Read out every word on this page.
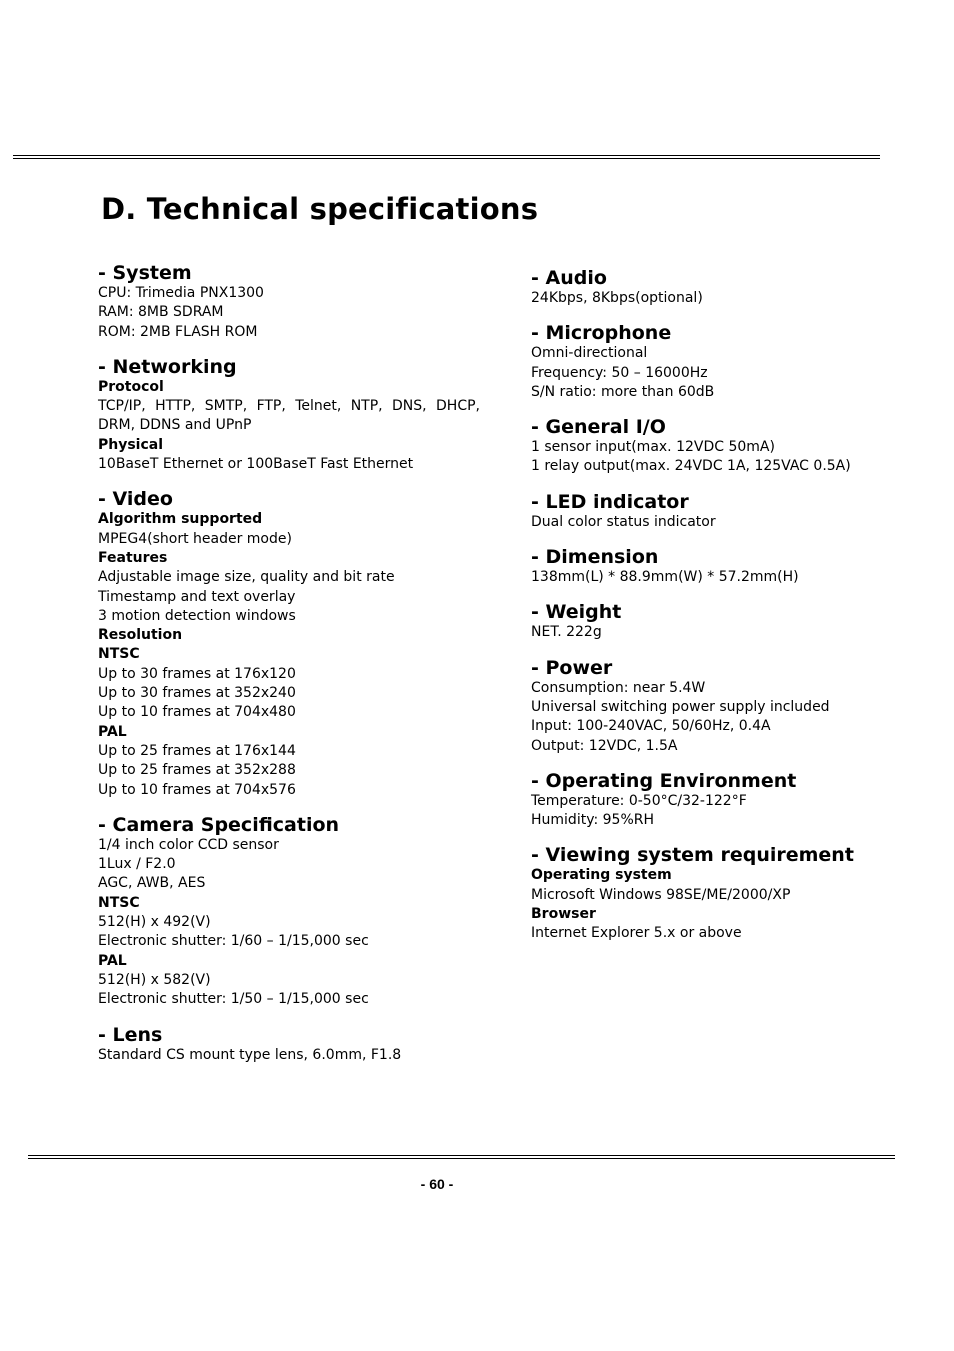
D. Technical specifications
- System
CPU: Trimedia PNX1300
RAM: 8MB SDRAM
ROM: 2MB FLASH ROM
- Networking
Protocol
TCP/IP, HTTP, SMTP, FTP, Telnet, NTP, DNS, DHCP, DRM, DDNS and UPnP
Physical
10BaseT Ethernet or 100BaseT Fast Ethernet
- Video
Algorithm supported
MPEG4(short header mode)
Features
Adjustable image size, quality and bit rate
Timestamp and text overlay
3 motion detection windows
Resolution
NTSC
Up to 30 frames at 176x120
Up to 30 frames at 352x240
Up to 10 frames at 704x480
PAL
Up to 25 frames at 176x144
Up to 25 frames at 352x288
Up to 10 frames at 704x576
- Camera Specification
1/4 inch color CCD sensor
1Lux / F2.0
AGC, AWB, AES
NTSC
512(H) x 492(V)
Electronic shutter: 1/60 – 1/15,000 sec
PAL
512(H) x 582(V)
Electronic shutter: 1/50 – 1/15,000 sec
- Lens
Standard CS mount type lens, 6.0mm, F1.8
- Audio
24Kbps, 8Kbps(optional)
- Microphone
Omni-directional
Frequency: 50 – 16000Hz
S/N ratio: more than 60dB
- General I/O
1 sensor input(max. 12VDC 50mA)
1 relay output(max. 24VDC 1A, 125VAC 0.5A)
- LED indicator
Dual color status indicator
- Dimension
138mm(L) * 88.9mm(W) * 57.2mm(H)
- Weight
NET. 222g
- Power
Consumption: near 5.4W
Universal switching power supply included
Input: 100-240VAC, 50/60Hz, 0.4A
Output: 12VDC, 1.5A
- Operating Environment
Temperature: 0-50°C/32-122°F
Humidity: 95%RH
- Viewing system requirement
Operating system
Microsoft Windows 98SE/ME/2000/XP
Browser
Internet Explorer 5.x or above
- 60 -
